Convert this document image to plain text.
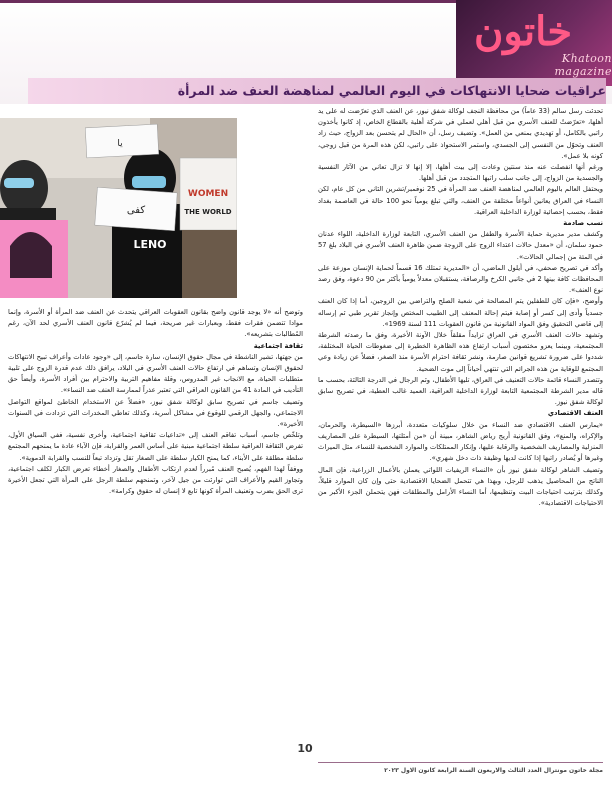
خاتون
Khatoon magazine
عراقيات ضحايا الانتهاكات في اليوم العالمي لمناهضة العنف ضد المرأة
LENO
يا
كفى
WOMEN
THE WORLD

تحدثت رسل سالم (33 عاماً) من محافظة النجف لوكالة شفق نيوز، عن العنف الذي تعرّضت له على يد أهلها، «تعرّضتُ للعنف الأسري من قبل أهلي لعملي في شركة أهلية بالقطاع الخاص، إذ كانوا يأخذون راتبي بالكامل، أو تهديدي بمنعي من العمل». وتضيف رسل، أن «الحال لم يتحسن بعد الزواج، حيث زاد العنف وتحوّل من النفسي إلى الجسدي، واستمر الاستحواذ على راتبي، لكن هذه المرة من قبل زوجي، كونه بلا عمل».

ورغم أنها انفصلت عنه منذ سنتين وعادت إلى بيت أهلها، إلا إنها لا تزال تعاني من الآثار النفسية والجسدية من الزواج، إلى جانب سلب راتبها المتجدد من قبل أهلها.

ويحتفل العالم باليوم العالمي لمناهضة العنف ضد المرأة في 25 نوفمبر/تشرين الثاني من كل عام، لكن النساء في العراق يعانين أنواعاً مختلفة من العنف، والتي تبلغ يومياً نحو 100 حالة في العاصمة بغداد فقط، بحسب إحصائية لوزارة الداخلية العراقية.

نسب صادمة

وكشف مدير مديرية حماية الأسرة والطفل من العنف الأسري، التابعة لوزارة الداخلية، اللواء عدنان حمود سلمان، أن «معدل حالات اعتداء الزوج على الزوجة ضمن ظاهرة العنف الأسري في البلاد بلغ 57 في المئة من إجمالي الحالات».

وأكد في تصريح صحفي، في أيلول الماضي، أن «المديرية تمتلك 16 قسماً لحماية الإنسان موزعة على المحافظات كافة بينها 2 في جانبي الكرخ والرصافة، يستقبلان معدلاً يومياً بأكثر من 90 دعوة، وفق رصد نوع العنف».

وأوضح، «فإن كان للطفلين يتم المصالحة في شعبة الصلح والتراضي بين الزوجين، أما إذا كان العنف جسدياً وأدى إلى كسر أو إصابة فيتم إحالة المعنف إلى الطبيب المختص وإنجاز تقرير طبي ثم إرساله إلى قاضي التحقيق وفق المواد القانونية من قانون العقوبات 111 لسنة 1969».

وتشهد حالات العنف الأسري في العراق تزايداً مقلقاً خلال الآونة الأخيرة، وفق ما رصدته الشرطة المجتمعية، وبينما يعزو مختصون أسباب ارتفاع هذه الظاهرة الخطيرة إلى ضغوطات الحياة المختلفة، شددوا على ضرورة تشريع قوانين صارمة، ونشر ثقافة احترام الأسرة منذ الصغر، فضلاً عن زيادة وعي المجتمع للوقاية من هذه الجرائم التي تنتهي أحياناً إلى موت الضحية.

وتتصدر النساء قائمة حالات التعنيف في العراق، تليها الأطفال، وثم الرجال في الدرجة الثالثة، بحسب ما قاله مدير الشرطة المجتمعية التابعة لوزارة الداخلية العراقية، العميد غالب العطية، في تصريح سابق لوكالة شفق نيوز.

العنف الاقتصادي

«يمارس العنف الاقتصادي ضد النساء من خلال سلوكيات متعددة، أبرزها «السيطرة، والحرمان، والإكراه، والمنع»، وفق القانونية أريج رياض الشاهر، مبينة أن «من أمثلتها، السيطرة على المصاريف المنزلية والمصاريف الشخصية والرقابة عليها، وإنكار الممتلكات والموارد الشخصية للنساء، مثل الميراث وغيرها أو يُصادر راتبها إذا كانت لديها وظيفة ذات دخل شهري».

وتضيف الشاهر لوكالة شفق نيوز بأن «النساء الريفيات اللواتي يعملن بالأعمال الزراعية، فإن المال الناتج من المحاصيل يذهب للرجل، وبهذا هي تتحمل الضحايا الاقتصادية حتى وإن كان الموارد قليلاً، وكذلك بترتيب احتياجات البيت وتنظيمها، أما النساء الأرامل والمطلقات فهن يتحملن الجزء الأكبر من الاحتياجات الاقتصادية».

وتوضح أنه «لا يوجد قانون واضح بقانون العقوبات العراقي يتحدث عن العنف ضد المرأة أو الأسرة، وإنما موادا تتضمن فقرات فقط، وبعبارات غير صريحة، فيما لم يُشرّع قانون العنف الأسري لحد الآن، رغم المُطالبات بتشريعه».

ثقافة اجتماعية

من جهتها، تشير الناشطة في مجال حقوق الإنسان، سارة جاسم، إلى «وجود عادات وأعراف تبيح الانتهاكات لحقوق الإنسان وتساهم في ارتفاع حالات العنف الأسري في البلاد، يرافق ذلك عدم قدرة الزوج على تلبية متطلبات الحياة، مع الانجاب غير المدروس، وقلة مفاهيم التربية والاحترام بين أفراد الأسرة، وأيضاً حق التأديب في المادة 41 من القانون العراقي التي تعتبر عذراً لممارسة العنف ضد النساء».

وتضيف جاسم في تصريح سابق لوكالة شفق نيوز، «فضلاً عن الاستخدام الخاطئ لمواقع التواصل الاجتماعي، والجهل الرقمي للوقوع في مشاكل أسرية، وكذلك تعاطي المخدرات التي تزدادت في السنوات الأخيرة».

وتلخّص جاسم، أسباب تفاقم العنف إلى «تداعيات ثقافية اجتماعية، وأخرى نفسية، ففي السياق الأول، تفرض الثقافة العراقية سلطة اجتماعية مبنية على أساس العمر والقرابة، فإن الآباء عادة ما يمنحهم المجتمع سلطة مطلقة على الأبناء، كما يمنح الكبار سلطة على الصغار تقل وتزداد تبعاً للنسب والقرابة الدموية».

ووفقاً لهذا الفهم، يُصبح العنف مُبرراً لعدم ارتكاب الأطفال والصغار أخطاء تعرض الكبار لكلف اجتماعية، وتجاوز القيم والأعراف التي توارثت من جيل لآخر، وتمنحهم سلطة الرجل على المرأة التي تجعل الأخيرة ترى الحق بضرب وتعنيف المرأة كونها تابع لا إنسان له حقوق وكرامة».

10
مجلة خاتون مونترال العدد الثالث والاربعون السنة الرابعة كانون الاول ٢٠٢٣
